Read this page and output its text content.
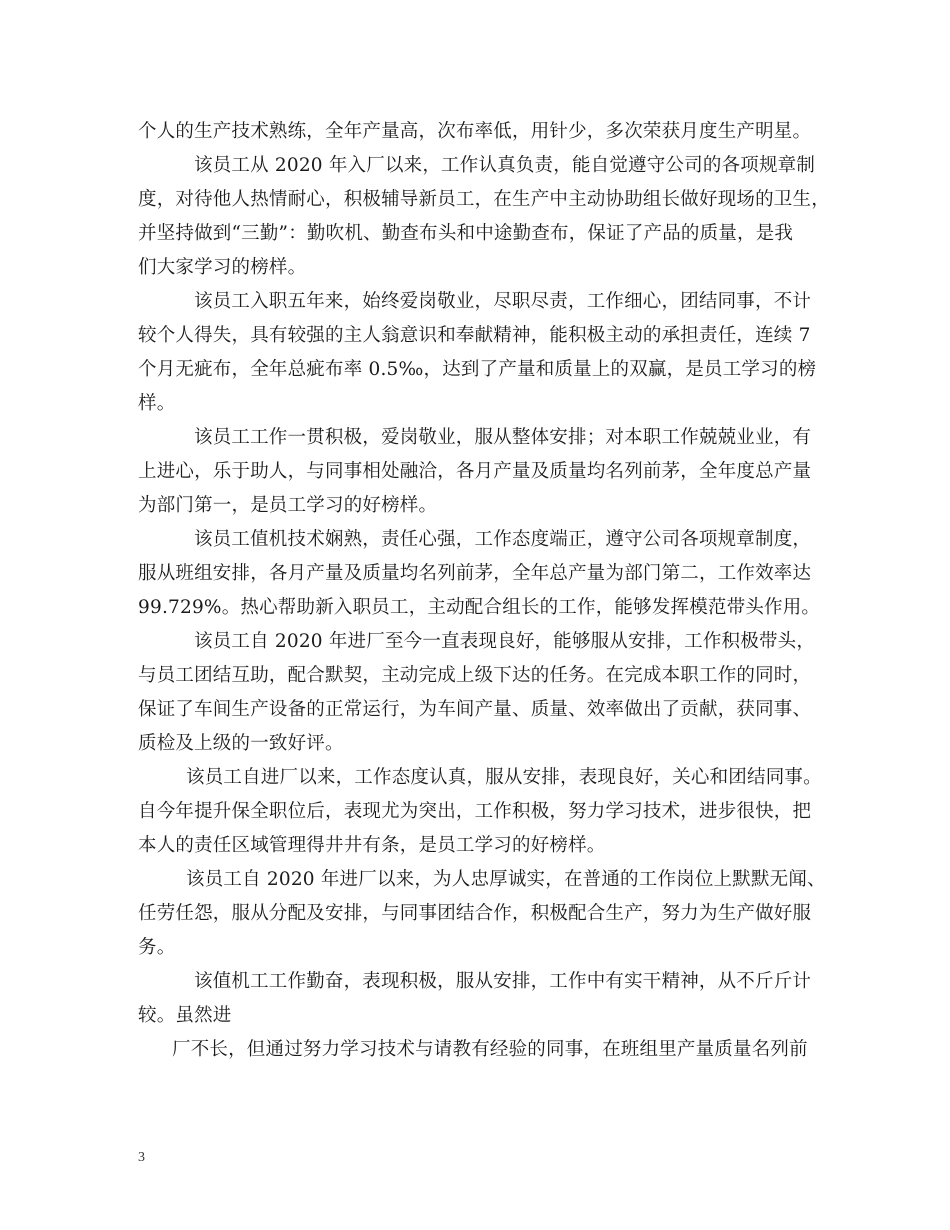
个人的生产技术熟练，全年产量高，次布率低，用针少，多次荣获月度生产明星。
该员工从 2020 年入厂以来，工作认真负责，能自觉遵守公司的各项规章制
度，对待他人热情耐心，积极辅导新员工，在生产中主动协助组长做好现场的卫生，
并坚持做到“三勤”：勤吹机、勤查布头和中途勤查布，保证了产品的质量，是我
们大家学习的榜样。
该员工入职五年来，始终爱岗敬业，尽职尽责，工作细心，团结同事，不计
较个人得失，具有较强的主人翁意识和奉献精神，能积极主动的承担责任，连续 7
个月无疵布，全年总疵布率 0.5‰，达到了产量和质量上的双赢，是员工学习的榜
样。
该员工工作一贯积极，爱岗敬业，服从整体安排；对本职工作兢兢业业，有
上进心，乐于助人，与同事相处融洽，各月产量及质量均名列前茅，全年度总产量
为部门第一，是员工学习的好榜样。
该员工值机技术娴熟，责任心强，工作态度端正，遵守公司各项规章制度，
服从班组安排，各月产量及质量均名列前茅，全年总产量为部门第二，工作效率达
99.729%。热心帮助新入职员工，主动配合组长的工作，能够发挥模范带头作用。
该员工自 2020 年进厂至今一直表现良好，能够服从安排，工作积极带头，
与员工团结互助，配合默契，主动完成上级下达的任务。在完成本职工作的同时，
保证了车间生产设备的正常运行，为车间产量、质量、效率做出了贡献，获同事、
质检及上级的一致好评。
该员工自进厂以来，工作态度认真，服从安排，表现良好，关心和团结同事。
自今年提升保全职位后，表现尤为突出，工作积极，努力学习技术，进步很快，把
本人的责任区域管理得井井有条，是员工学习的好榜样。
该员工自 2020 年进厂以来，为人忠厚诚实，在普通的工作岗位上默默无闻、
任劳任怨，服从分配及安排，与同事团结合作，积极配合生产，努力为生产做好服
务。
该值机工工作勤奋，表现积极，服从安排，工作中有实干精神，从不斤斤计
较。虽然进
厂不长，但通过努力学习技术与请教有经验的同事，在班组里产量质量名列前
3
